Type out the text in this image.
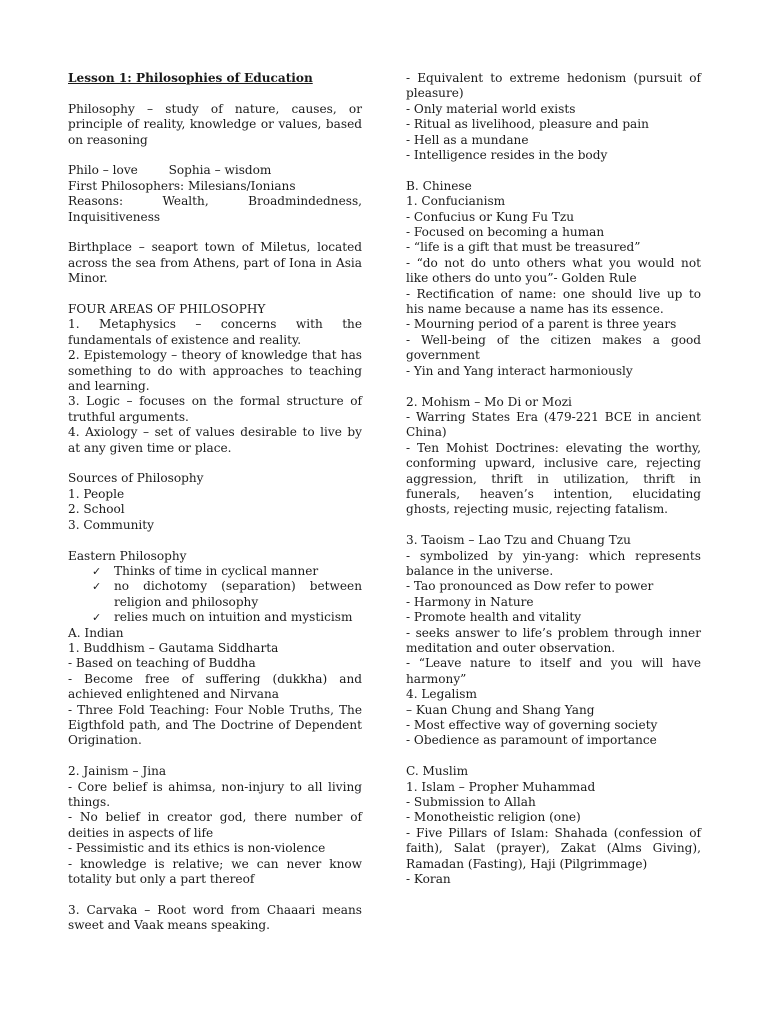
Lesson 1: Philosophies of Education

Philosophy – study of nature, causes, or principle of reality, knowledge or values, based on reasoning

Philo – love        Sophia – wisdom

First Philosophers: Milesians/Ionians

Reasons: Wealth, Broadmindedness, Inquisitiveness

Birthplace – seaport town of Miletus, located across the sea from Athens, part of Iona in Asia Minor.

FOUR AREAS OF PHILOSOPHY

1. Metaphysics – concerns with the fundamentals of existence and reality.

2. Epistemology – theory of knowledge that has something to do with approaches to teaching and learning.

3. Logic – focuses on the formal structure of truthful arguments.

4. Axiology – set of values desirable to live by at any given time or place.

Sources of Philosophy

1. People

2. School

3. Community

Eastern Philosophy

✓ Thinks of time in cyclical manner
✓ no dichotomy (separation) between religion and philosophy
✓ relies much on intuition and mysticism

A. Indian

1. Buddhism – Gautama Siddharta

- Based on teaching of Buddha

- Become free of suffering (dukkha) and achieved enlightened and Nirvana

- Three Fold Teaching: Four Noble Truths, The Eigthfold path, and The Doctrine of Dependent Origination.

2. Jainism – Jina

- Core belief is ahimsa, non-injury to all living things.

- No belief in creator god, there number of deities in aspects of life

- Pessimistic and its ethics is non-violence

- knowledge is relative; we can never know totality but only a part thereof

3. Carvaka – Root word from Chaaari means sweet and Vaak means speaking.

- Equivalent to extreme hedonism (pursuit of pleasure)

- Only material world exists

- Ritual as livelihood, pleasure and pain

- Hell as a mundane

- Intelligence resides in the body

B. Chinese

1. Confucianism

- Confucius or Kung Fu Tzu

- Focused on becoming a human

- “life is a gift that must be treasured”

- “do not do unto others what you would not like others do unto you”- Golden Rule

- Rectification of name: one should live up to his name because a name has its essence.

- Mourning period of a parent is three years

- Well-being of the citizen makes a good government

- Yin and Yang interact harmoniously

2. Mohism – Mo Di or Mozi

- Warring States Era (479-221 BCE in ancient China)

- Ten Mohist Doctrines: elevating the worthy, conforming upward, inclusive care, rejecting aggression, thrift in utilization, thrift in funerals, heaven’s intention, elucidating ghosts, rejecting music, rejecting fatalism.

3. Taoism – Lao Tzu and Chuang Tzu

- symbolized by yin-yang: which represents balance in the universe.

- Tao pronounced as Dow refer to power

- Harmony in Nature

- Promote health and vitality

- seeks answer to life’s problem through inner meditation and outer observation.

- “Leave nature to itself and you will have harmony”

4. Legalism

– Kuan Chung and Shang Yang

- Most effective way of governing society

- Obedience as paramount of importance

C. Muslim

1. Islam – Propher Muhammad

- Submission to Allah

- Monotheistic religion (one)

- Five Pillars of Islam: Shahada (confession of faith), Salat (prayer), Zakat (Alms Giving), Ramadan (Fasting), Haji (Pilgrimmage)

- Koran
